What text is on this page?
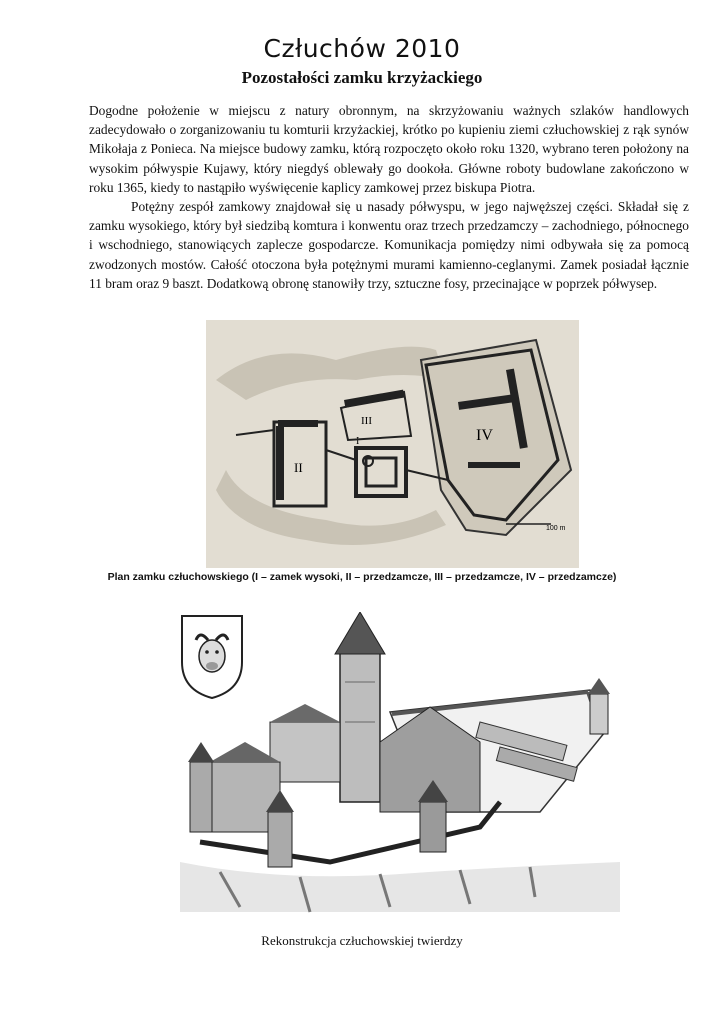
Człuchów 2010
Pozostałości zamku krzyżackiego

Dogodne położenie w miejscu z natury obronnym, na skrzyżowaniu ważnych szlaków handlowych zadecydowało o zorganizowaniu tu komturii krzyżackiej, krótko po kupieniu ziemi człuchowskiej z rąk synów Mikołaja z Ponieca. Na miejsce budowy zamku, którą rozpoczęto około roku 1320, wybrano teren położony na wysokim półwyspie Kujawy, który niegdyś oblewały go dookoła. Główne roboty budowlane zakończono w roku 1365, kiedy to nastąpiło wyświęcenie kaplicy zamkowej przez biskupa Piotra.

Potężny zespół zamkowy znajdował się u nasady półwyspu, w jego najwęższej części. Składał się z zamku wysokiego, który był siedzibą komtura i konwentu oraz trzech przedzamczy – zachodniego, północnego i wschodniego, stanowiących zaplecze gospodarcze. Komunikacja pomiędzy nimi odbywała się za pomocą zwodzonych mostów. Całość otoczona była potężnymi murami kamienno-ceglanymi. Zamek posiadał łącznie 11 bram oraz 9 baszt. Dodatkową obronę stanowiły trzy, sztuczne fosy, przecinające w poprzek półwysep.

IV
II
I
III
100 m
Plan zamku człuchowskiego (I – zamek wysoki, II – przedzamcze, III – przedzamcze, IV – przedzamcze)
Rekonstrukcja człuchowskiej twierdzy
